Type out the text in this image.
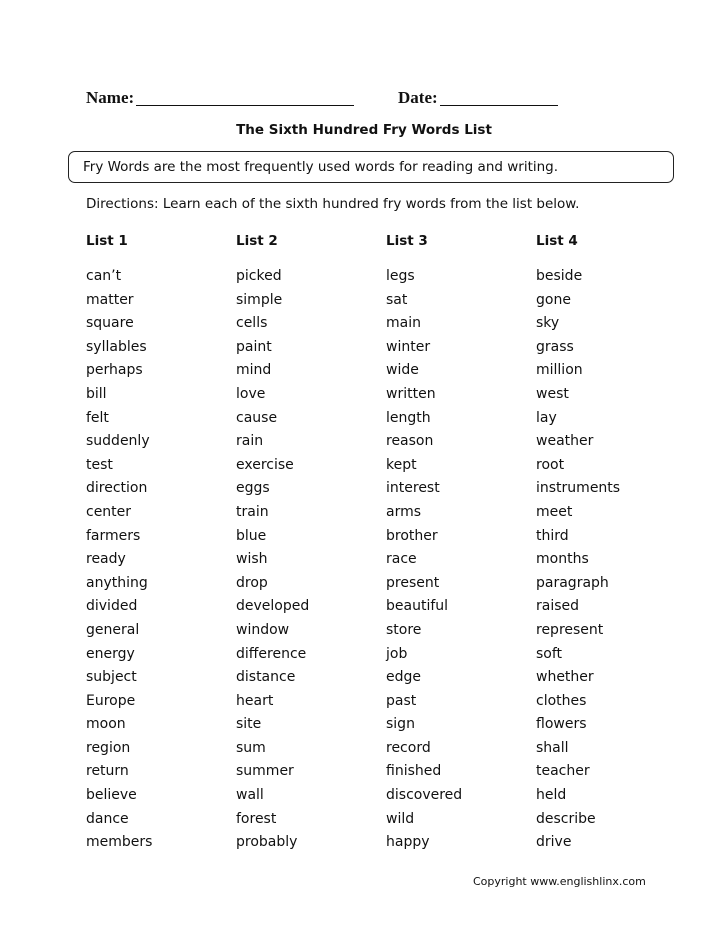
Name:	Date:
The Sixth Hundred Fry Words List
Fry Words are the most frequently used words for reading and writing.
Directions: Learn each of the sixth hundred fry words from the list below.
List 1
can’t
matter
square
syllables
perhaps
bill
felt
suddenly
test
direction
center
farmers
ready
anything
divided
general
energy
subject
Europe
moon
region
return
believe
dance
members
List 2
picked
simple
cells
paint
mind
love
cause
rain
exercise
eggs
train
blue
wish
drop
developed
window
difference
distance
heart
site
sum
summer
wall
forest
probably
List 3
legs
sat
main
winter
wide
written
length
reason
kept
interest
arms
brother
race
present
beautiful
store
job
edge
past
sign
record
finished
discovered
wild
happy
List 4
beside
gone
sky
grass
million
west
lay
weather
root
instruments
meet
third
months
paragraph
raised
represent
soft
whether
clothes
flowers
shall
teacher
held
describe
drive
Copyright www.englishlinx.com
